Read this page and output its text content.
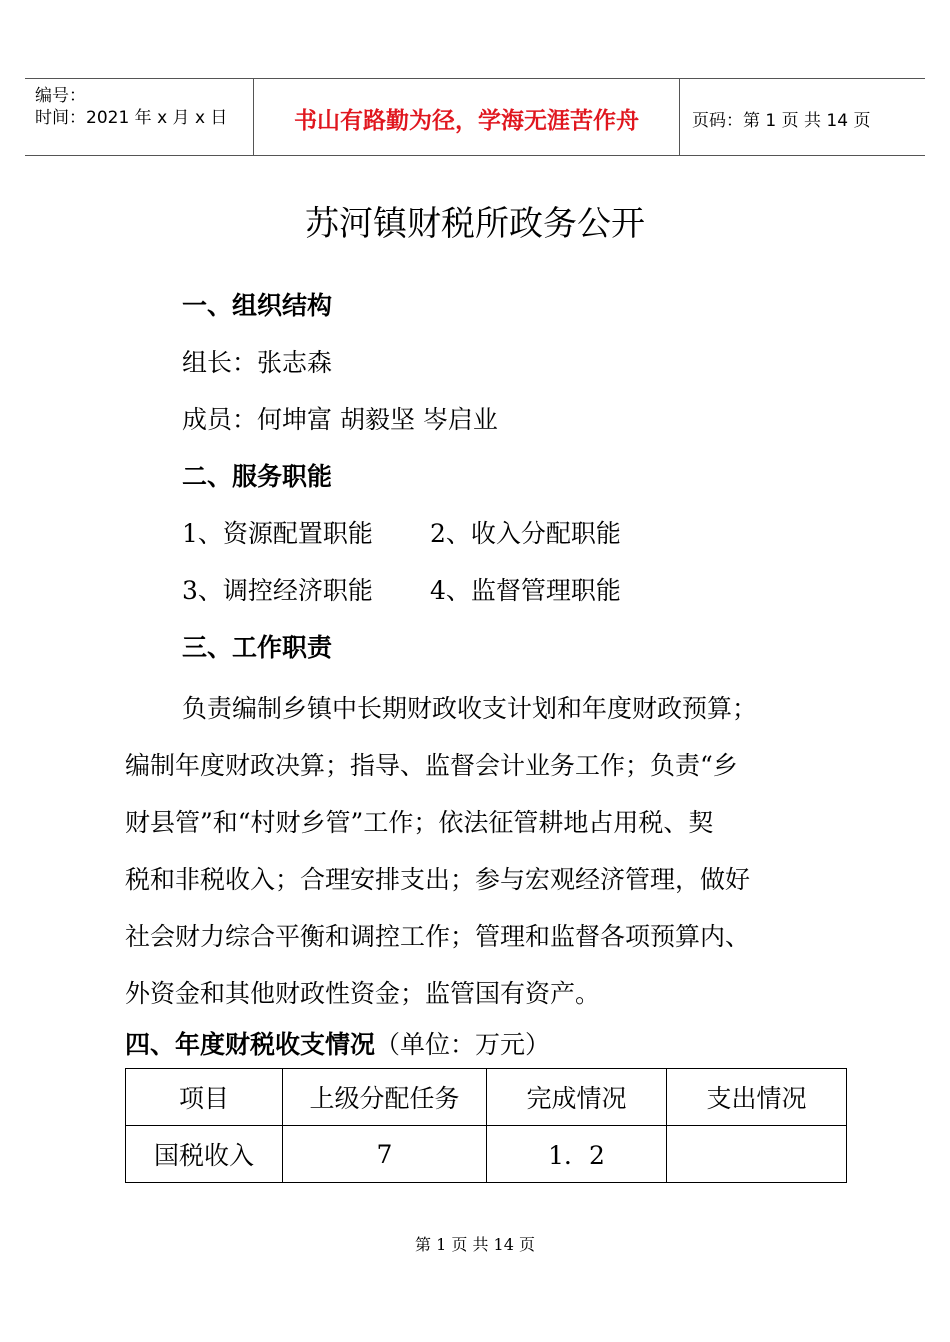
编号：
时间：2021 年 x 月 x 日	书山有路勤为径，学海无涯苦作舟	页码：第 1 页 共 14 页
苏河镇财税所政务公开
一、组织结构
组长：张志森
成员：何坤富 胡毅坚 岑启业
二、服务职能
1、资源配置职能 2、收入分配职能
3、调控经济职能 4、监督管理职能
三、工作职责
负责编制乡镇中长期财政收支计划和年度财政预算；
编制年度财政决算；指导、监督会计业务工作；负责“乡
财县管”和“村财乡管”工作；依法征管耕地占用税、契
税和非税收入；合理安排支出；参与宏观经济管理，做好
社会财力综合平衡和调控工作；管理和监督各项预算内、
外资金和其他财政性资金；监管国有资产。
四、年度财税收支情况（单位：万元）
项目	上级分配任务	完成情况	支出情况
国税收入	7	1．2	
第 1 页 共 14 页
